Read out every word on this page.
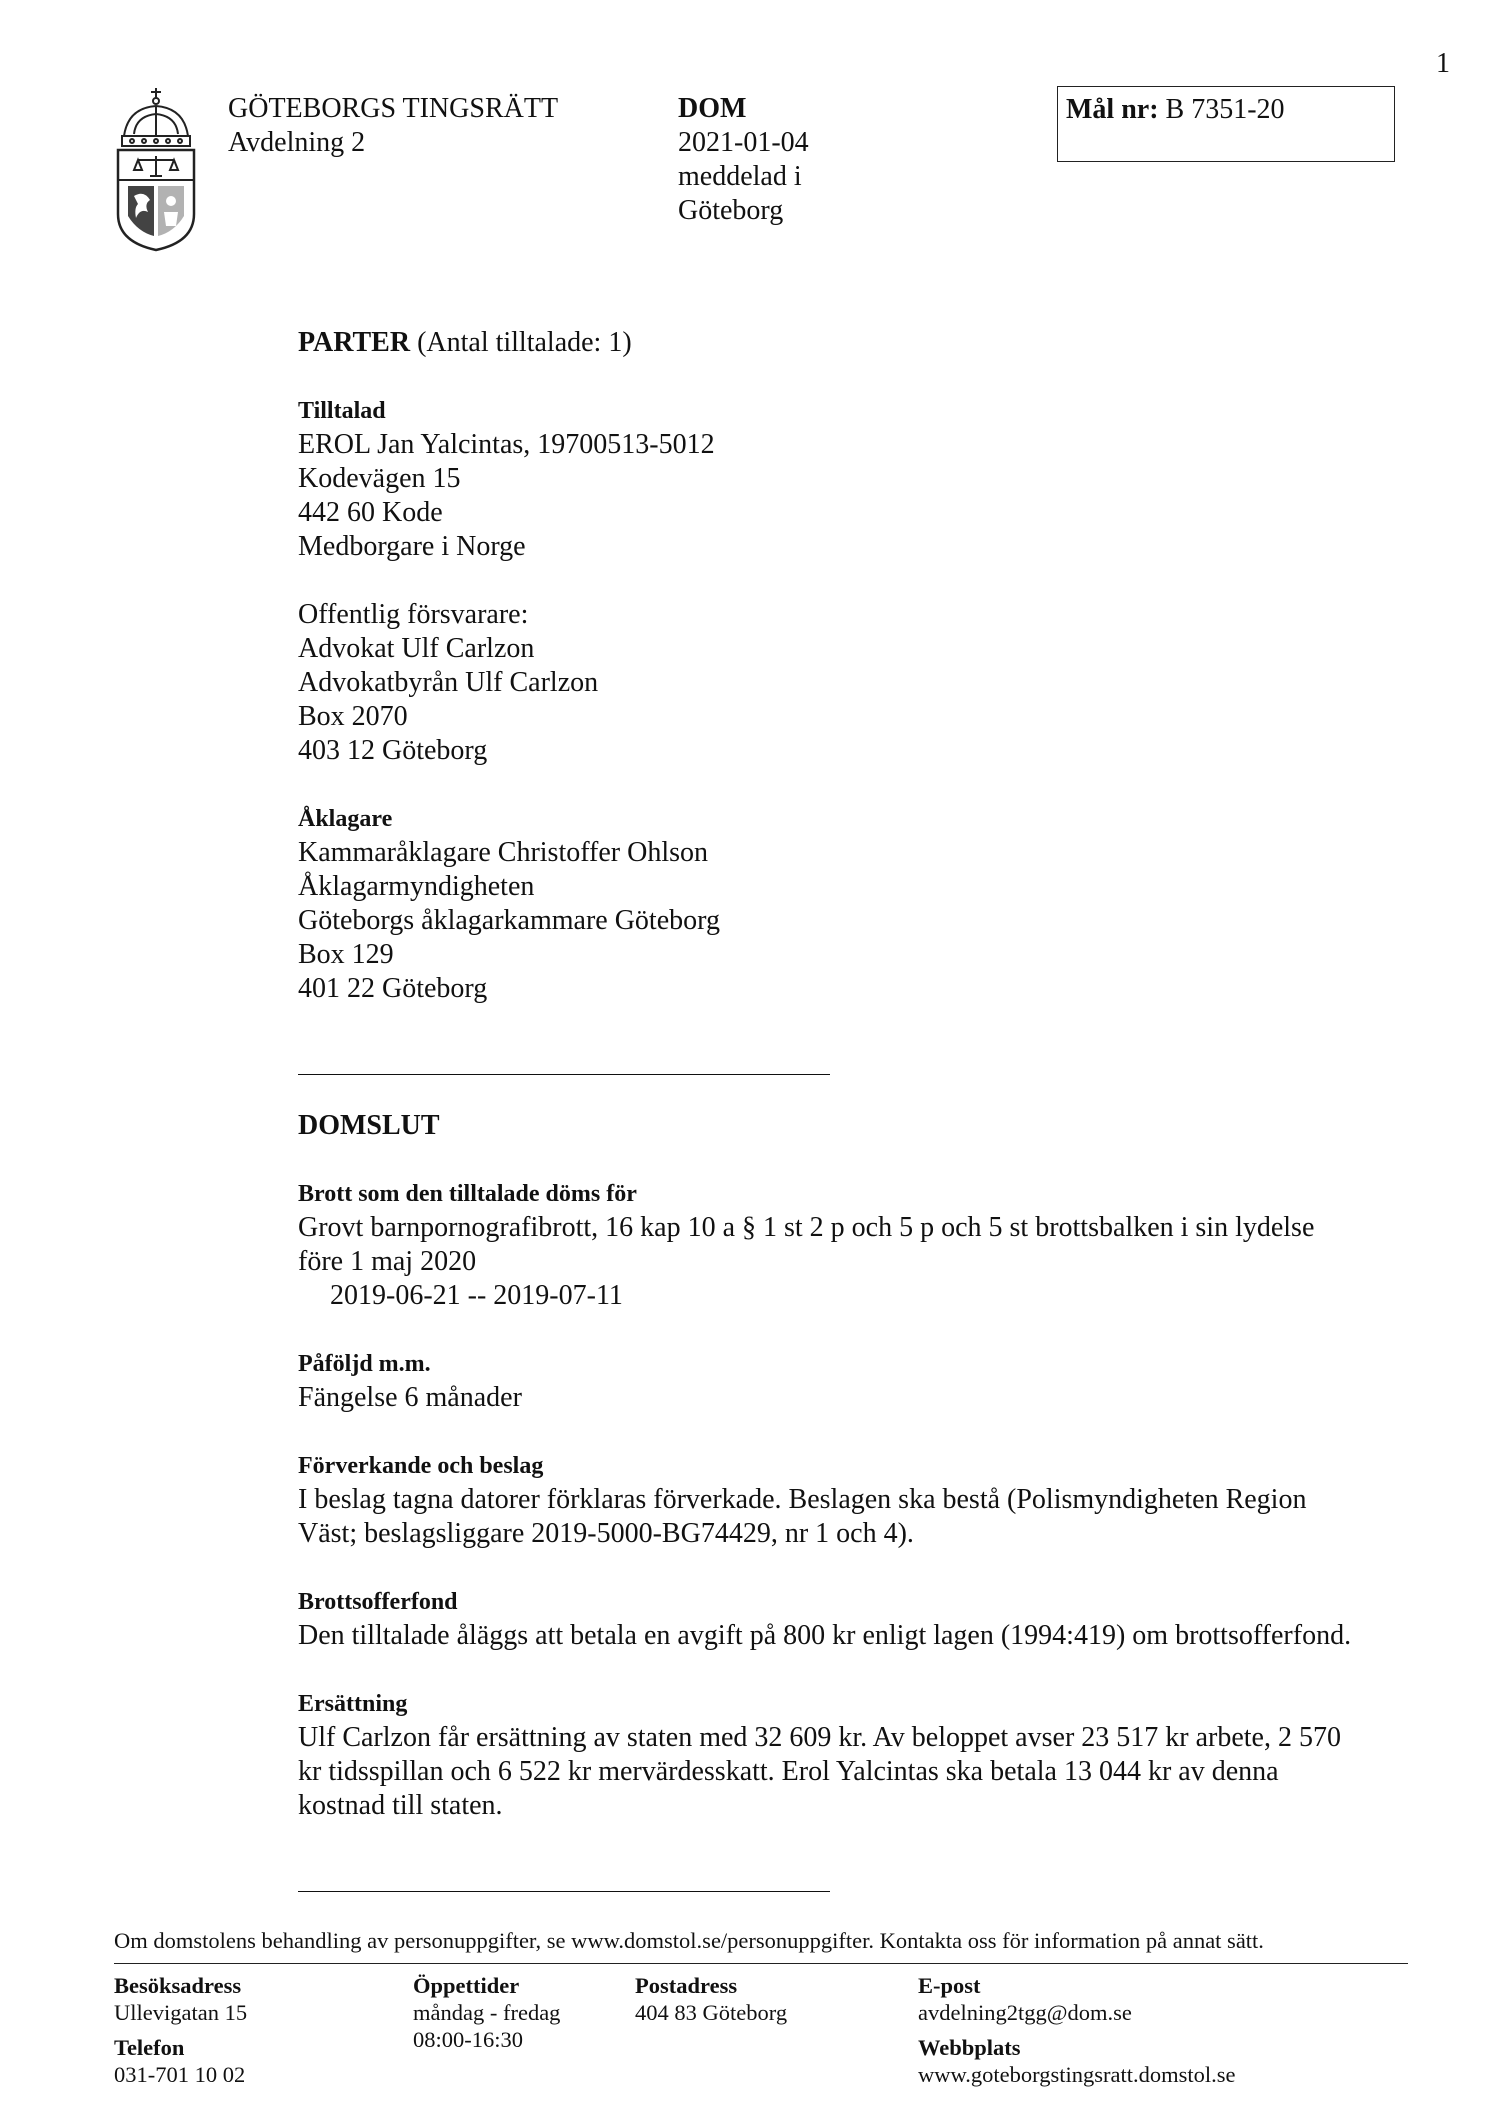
1
GÖTEBORGS TINGSRÄTT
Avdelning 2
DOM
2021-01-04
meddelad i
Göteborg
Mål nr: B 7351-20

PARTER (Antal tilltalade: 1)

Tilltalad

EROL Jan Yalcintas, 19700513-5012

Kodevägen 15

442 60 Kode

Medborgare i Norge

Offentlig försvarare:

Advokat Ulf Carlzon

Advokatbyrån Ulf Carlzon

Box 2070

403 12 Göteborg

Åklagare

Kammaråklagare Christoffer Ohlson

Åklagarmyndigheten

Göteborgs åklagarkammare Göteborg

Box 129

401 22 Göteborg

DOMSLUT

Brott som den tilltalade döms för

Grovt barnpornografibrott, 16 kap 10 a § 1 st 2 p och 5 p och 5 st brottsbalken i sin lydelse

före 1 maj 2020

2019-06-21 -- 2019-07-11

Påföljd m.m.

Fängelse 6 månader

Förverkande och beslag

I beslag tagna datorer förklaras förverkade. Beslagen ska bestå (Polismyndigheten Region

Väst; beslagsliggare 2019-5000-BG74429, nr 1 och 4).

Brottsofferfond

Den tilltalade åläggs att betala en avgift på 800 kr enligt lagen (1994:419) om brottsofferfond.

Ersättning

Ulf Carlzon får ersättning av staten med 32 609 kr. Av beloppet avser 23 517 kr arbete, 2 570

kr tidsspillan och 6 522 kr mervärdesskatt. Erol Yalcintas ska betala 13 044 kr av denna

kostnad till staten.

Om domstolens behandling av personuppgifter, se www.domstol.se/personuppgifter. Kontakta oss för information på annat sätt.
Besöksadress
Ullevigatan 15
Telefon
031-701 10 02
Öppettider
måndag - fredag
08:00-16:30
Postadress
404 83 Göteborg
E-post
avdelning2tgg@dom.se
Webbplats
www.goteborgstingsratt.domstol.se
